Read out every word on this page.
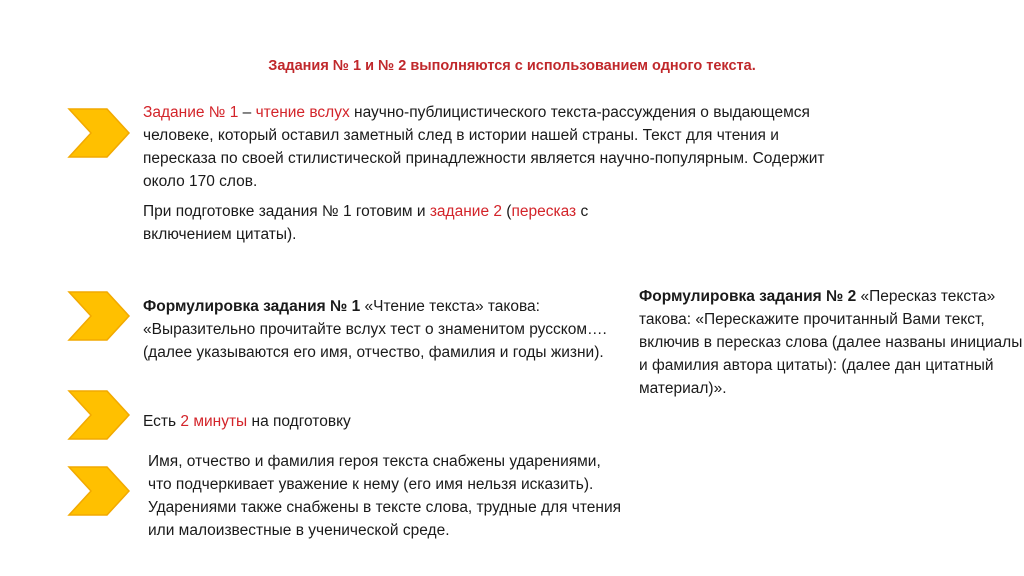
Задания № 1 и № 2 выполняются с использованием одного текста.

Задание № 1 – чтение вслух научно-публицистического текста-рассуждения о выдающемся человеке, который оставил заметный след в истории нашей страны. Текст для чтения и пересказа по своей стилистической принадлежности является научно-популярным. Содержит около 170 слов.

При подготовке задания № 1 готовим и задание 2 (пересказ с включением цитаты).

Формулировка задания № 1 «Чтение текста» такова: «Выразительно прочитайте вслух тест о знаменитом русском…. (далее указываются его имя, отчество, фамилия и годы жизни).

Есть 2 минуты на подготовку

Имя, отчество и фамилия героя текста снабжены ударениями, что подчеркивает уважение к нему (его имя нельзя исказить). Ударениями также снабжены в тексте слова, трудные для чтения или малоизвестные в ученической среде.

Формулировка задания № 2 «Пересказ текста» такова: «Перескажите прочитанный Вами текст, включив в пересказ слова (далее названы инициалы и фамилия автора цитаты): (далее дан цитатный материал)».
